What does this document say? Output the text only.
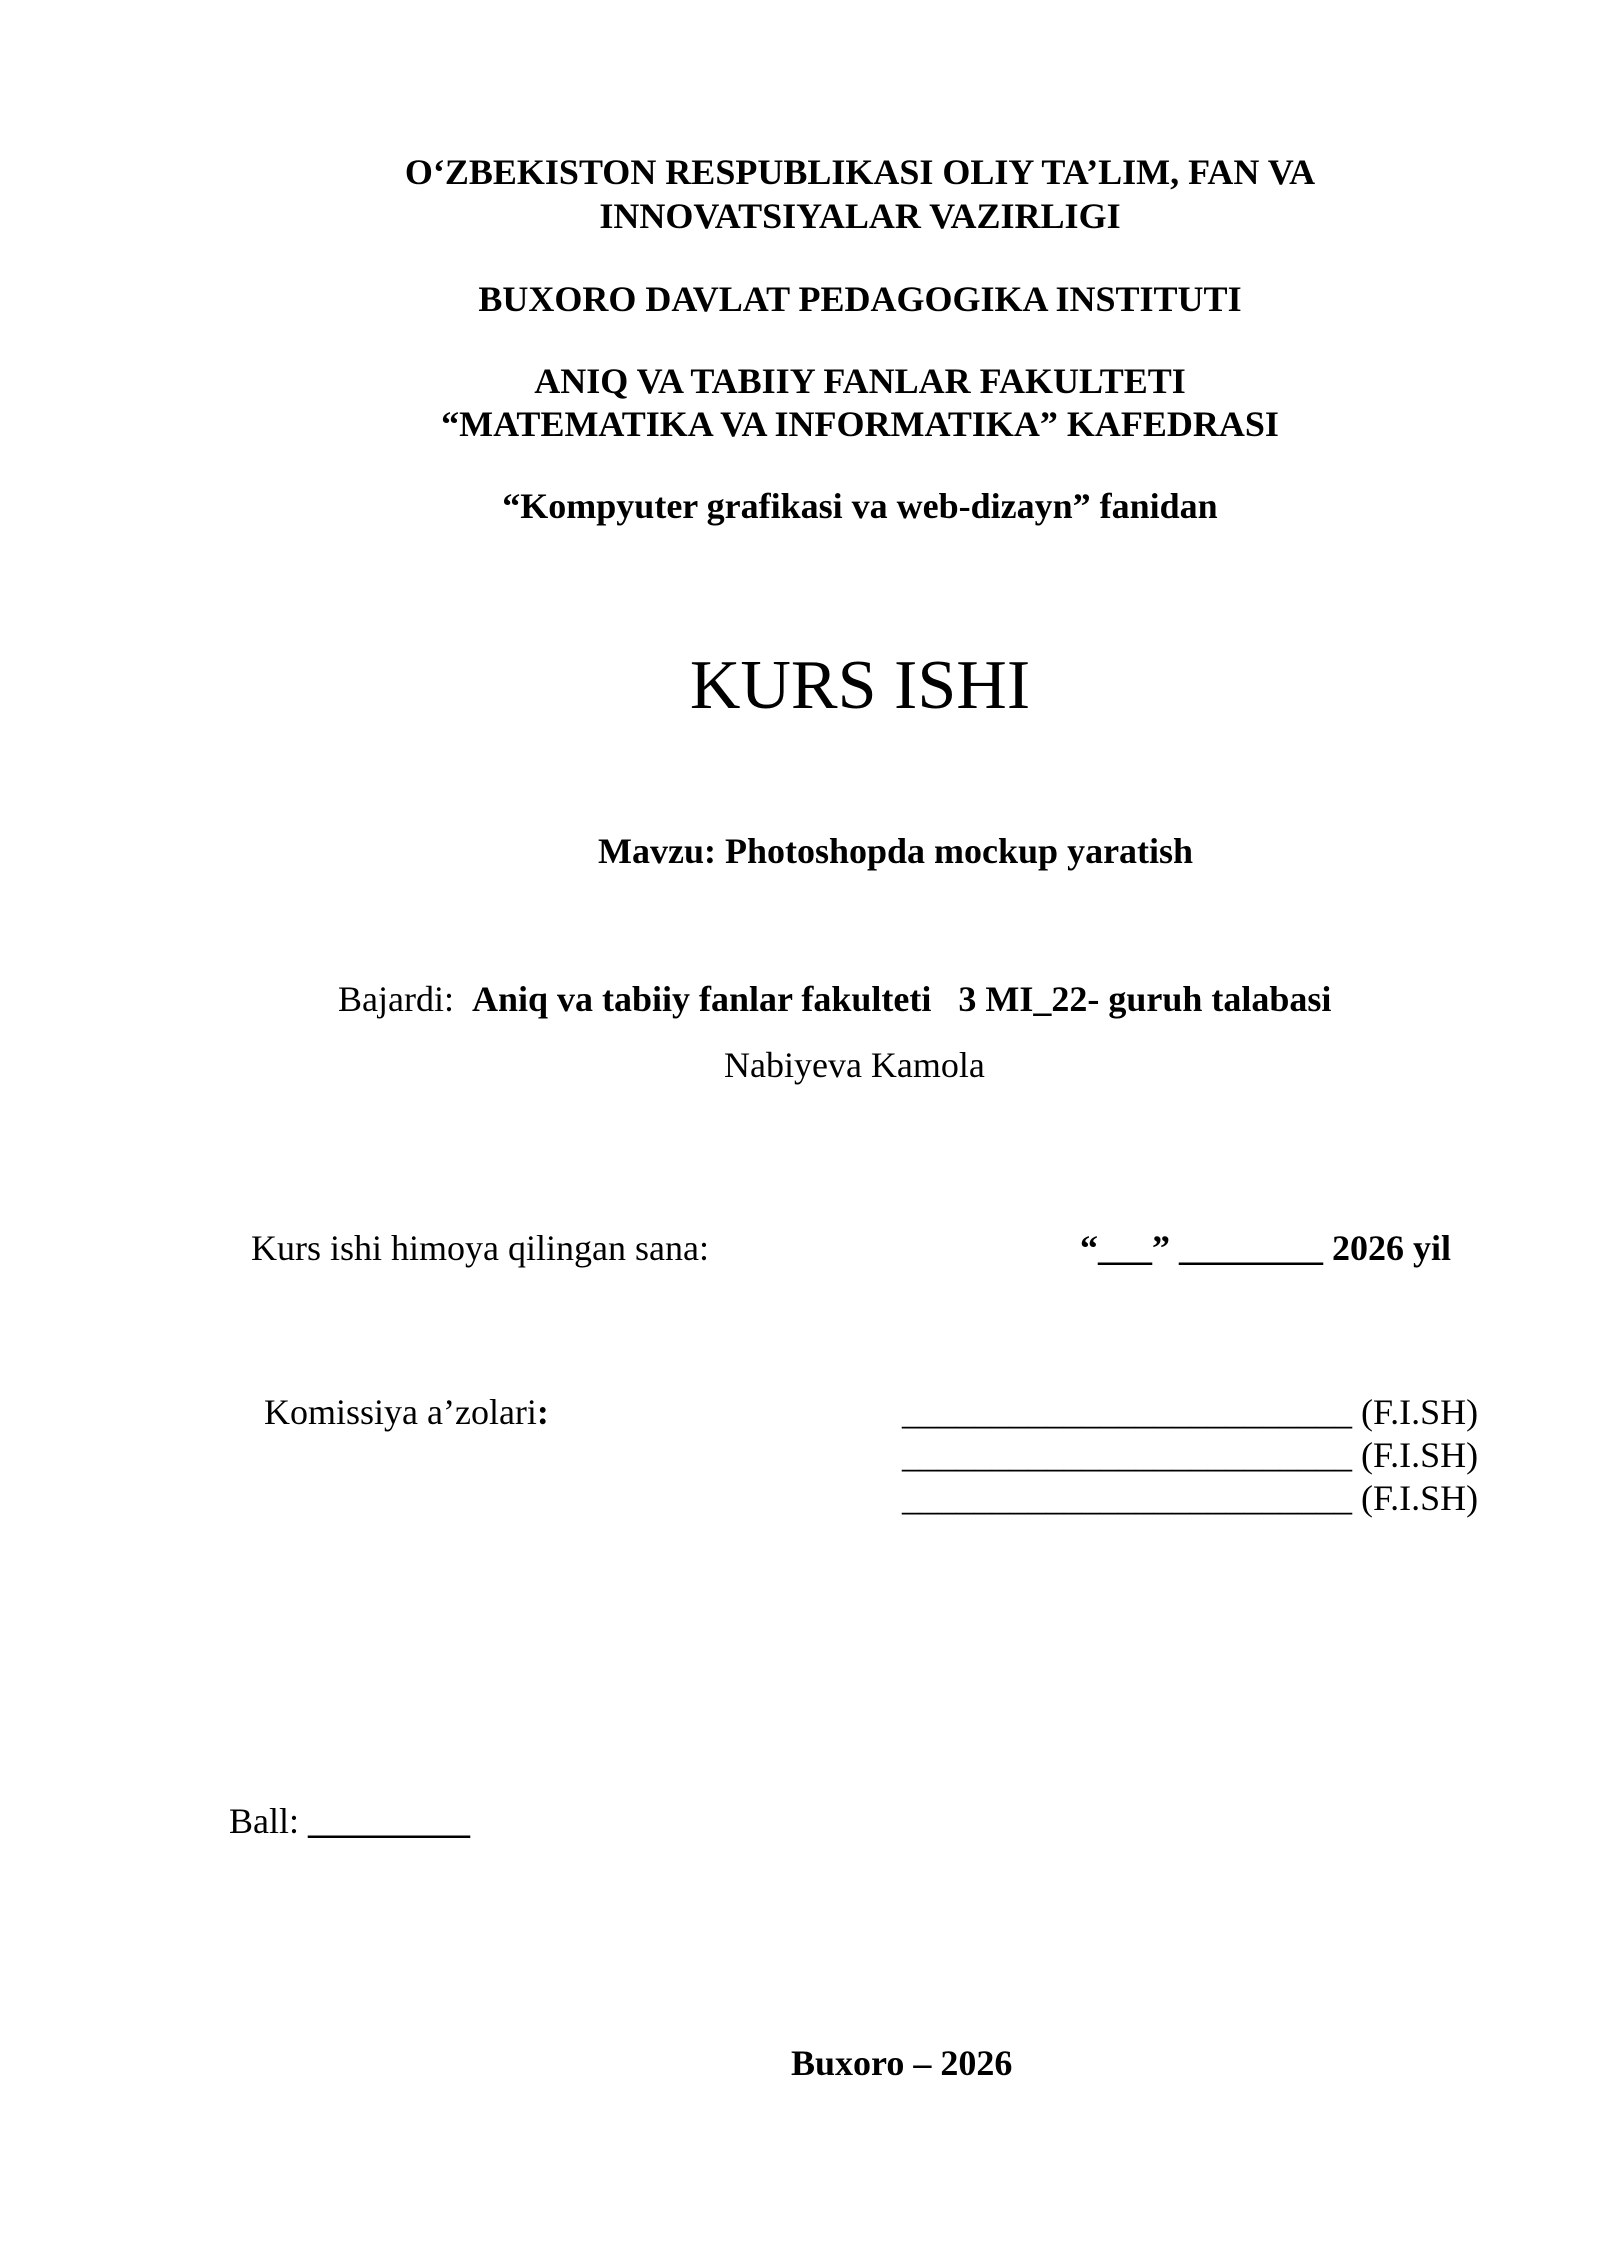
O‘ZBEKISTON RESPUBLIKASI OLIY TA’LIM, FAN VA
INNOVATSIYALAR VAZIRLIGI
BUXORO DAVLAT PEDAGOGIKA INSTITUTI
ANIQ VA TABIIY FANLAR FAKULTETI
“MATEMATIKA VA INFORMATIKA” KAFEDRASI
“Kompyuter grafikasi va web-dizayn” fanidan
KURS ISHI
Mavzu: Photoshopda mockup yaratish
Bajardi: Aniq va tabiiy fanlar fakulteti   3 MI_22- guruh talabasi
Nabiyeva Kamola
Kurs ishi himoya qilingan sana:	“___” ________ 2026 yil
Komissiya a’zolari:	_________________________ (F.I.SH)
_________________________ (F.I.SH)
_________________________ (F.I.SH)
Ball: _________
Buxoro – 2026
